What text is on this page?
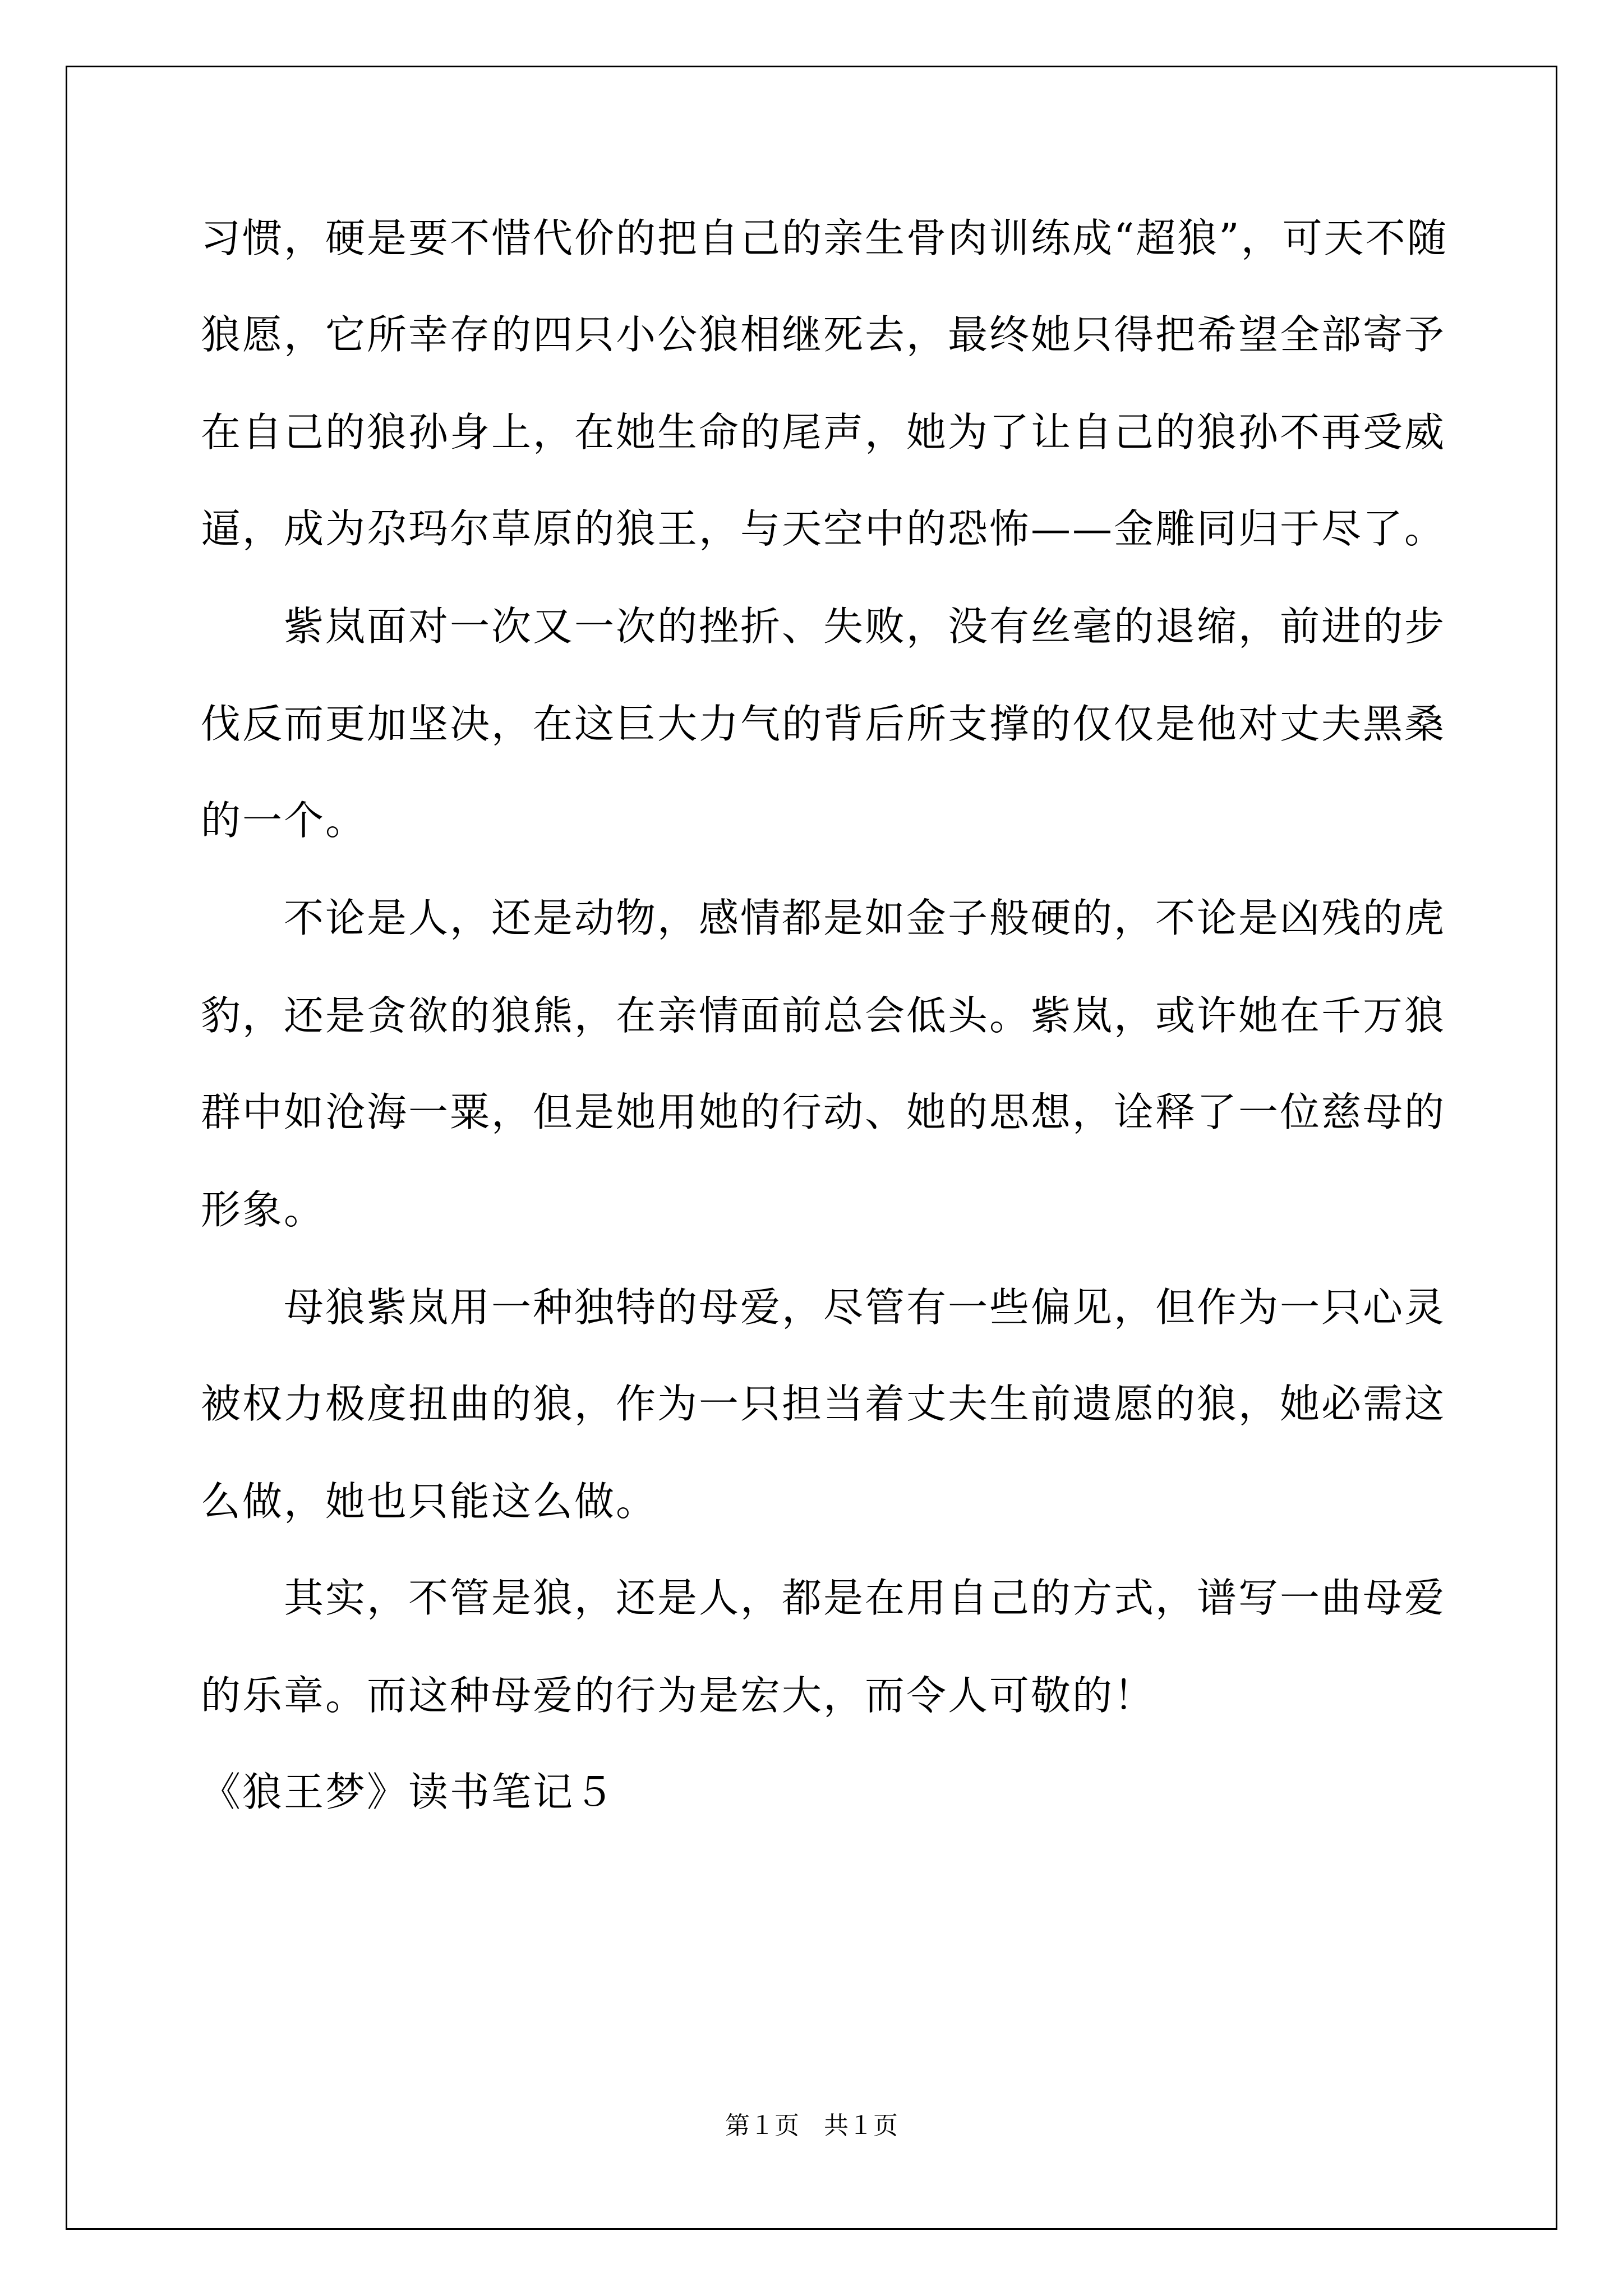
习惯，硬是要不惜代价的把自己的亲生骨肉训练成“超狼”，可天不随
狼愿，它所幸存的四只小公狼相继死去，最终她只得把希望全部寄予
在自己的狼孙身上，在她生命的尾声，她为了让自己的狼孙不再受威
逼，成为尕玛尔草原的狼王，与天空中的恐怖——金雕同归于尽了。
紫岚面对一次又一次的挫折、失败，没有丝毫的退缩，前进的步
伐反而更加坚决，在这巨大力气的背后所支撑的仅仅是他对丈夫黑桑
的一个。
不论是人，还是动物，感情都是如金子般硬的，不论是凶残的虎
豹，还是贪欲的狼熊，在亲情面前总会低头。紫岚，或许她在千万狼
群中如沧海一粟，但是她用她的行动、她的思想，诠释了一位慈母的
形象。
母狼紫岚用一种独特的母爱，尽管有一些偏见，但作为一只心灵
被权力极度扭曲的狼，作为一只担当着丈夫生前遗愿的狼，她必需这
么做，她也只能这么做。
其实，不管是狼，还是人，都是在用自己的方式，谱写一曲母爱
的乐章。而这种母爱的行为是宏大，而令人可敬的！
《狼王梦》读书笔记５
第１页　共１页
